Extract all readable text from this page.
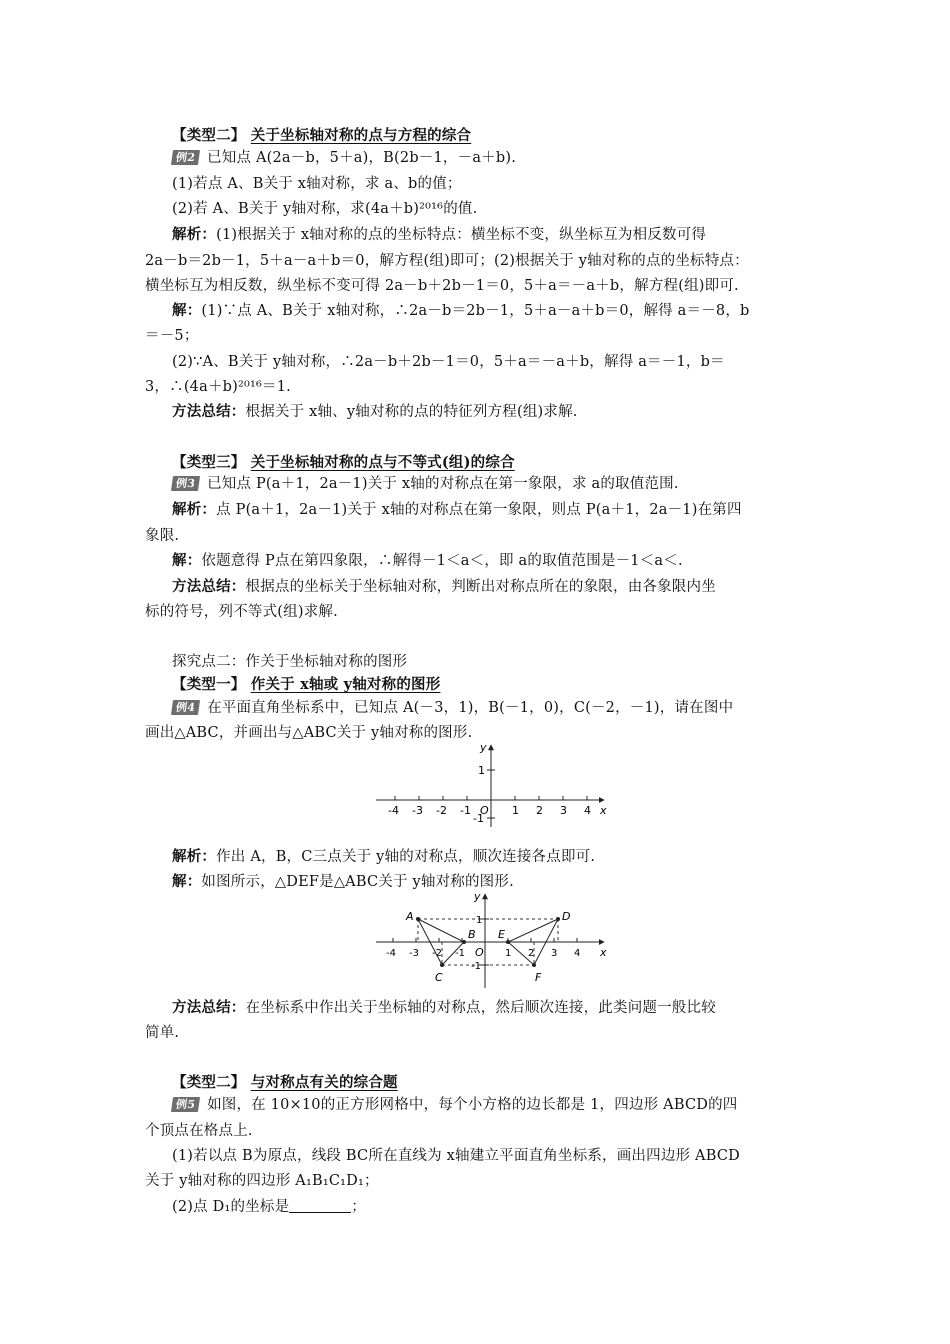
【类型二】 关于坐标轴对称的点与方程的综合
例2 已知点 A(2a－b，5＋a)，B(2b－1，－a＋b).
(1)若点 A、B关于 x轴对称，求 a、b的值；
(2)若 A、B关于 y轴对称，求(4a＋b)²⁰¹⁶的值.
解析：(1)根据关于 x轴对称的点的坐标特点：横坐标不变，纵坐标互为相反数可得
2a－b＝2b－1，5＋a－a＋b＝0，解方程(组)即可；(2)根据关于 y轴对称的点的坐标特点：
横坐标互为相反数，纵坐标不变可得 2a－b＋2b－1＝0，5＋a＝－a＋b，解方程(组)即可.
解：(1)∵点 A、B关于 x轴对称，∴2a－b＝2b－1，5＋a－a＋b＝0，解得 a＝－8，b
＝－5；
(2)∵A、B关于 y轴对称，∴2a－b＋2b－1＝0，5＋a＝－a＋b，解得 a＝－1，b＝
3，∴(4a＋b)²⁰¹⁶＝1.
方法总结：根据关于 x轴、y轴对称的点的特征列方程(组)求解.
【类型三】 关于坐标轴对称的点与不等式(组)的综合
例3 已知点 P(a＋1，2a－1)关于 x轴的对称点在第一象限，求 a的取值范围.
解析：点 P(a＋1，2a－1)关于 x轴的对称点在第一象限，则点 P(a＋1，2a－1)在第四
象限.
解：依题意得 P点在第四象限，∴解得－1＜a＜，即 a的取值范围是－1＜a＜.
方法总结：根据点的坐标关于坐标轴对称，判断出对称点所在的象限，由各象限内坐
标的符号，列不等式(组)求解.
探究点二：作关于坐标轴对称的图形
【类型一】 作关于 x轴或 y轴对称的图形
例4 在平面直角坐标系中，已知点 A(－3，1)，B(－1，0)，C(－2，－1)，请在图中
画出△ABC，并画出与△ABC关于 y轴对称的图形.
-4 -3 -2 -1	1 2 3 4
1
-1
y
x
O
解析：作出 A，B，C三点关于 y轴的对称点，顺次连接各点即可.
解：如图所示，△DEF是△ABC关于 y轴对称的图形.
-4 -3 -2 -1	1 2 3 4
A
B
C
D
E
F
1
-1
y
x
O
方法总结：在坐标系中作出关于坐标轴的对称点，然后顺次连接，此类问题一般比较
简单.
【类型二】 与对称点有关的综合题
例5 如图，在 10×10的正方形网格中，每个小方格的边长都是 1，四边形 ABCD的四
个顶点在格点上.
(1)若以点 B为原点，线段 BC所在直线为 x轴建立平面直角坐标系，画出四边形 ABCD
关于 y轴对称的四边形 A₁B₁C₁D₁；
(2)点 D₁的坐标是	；
